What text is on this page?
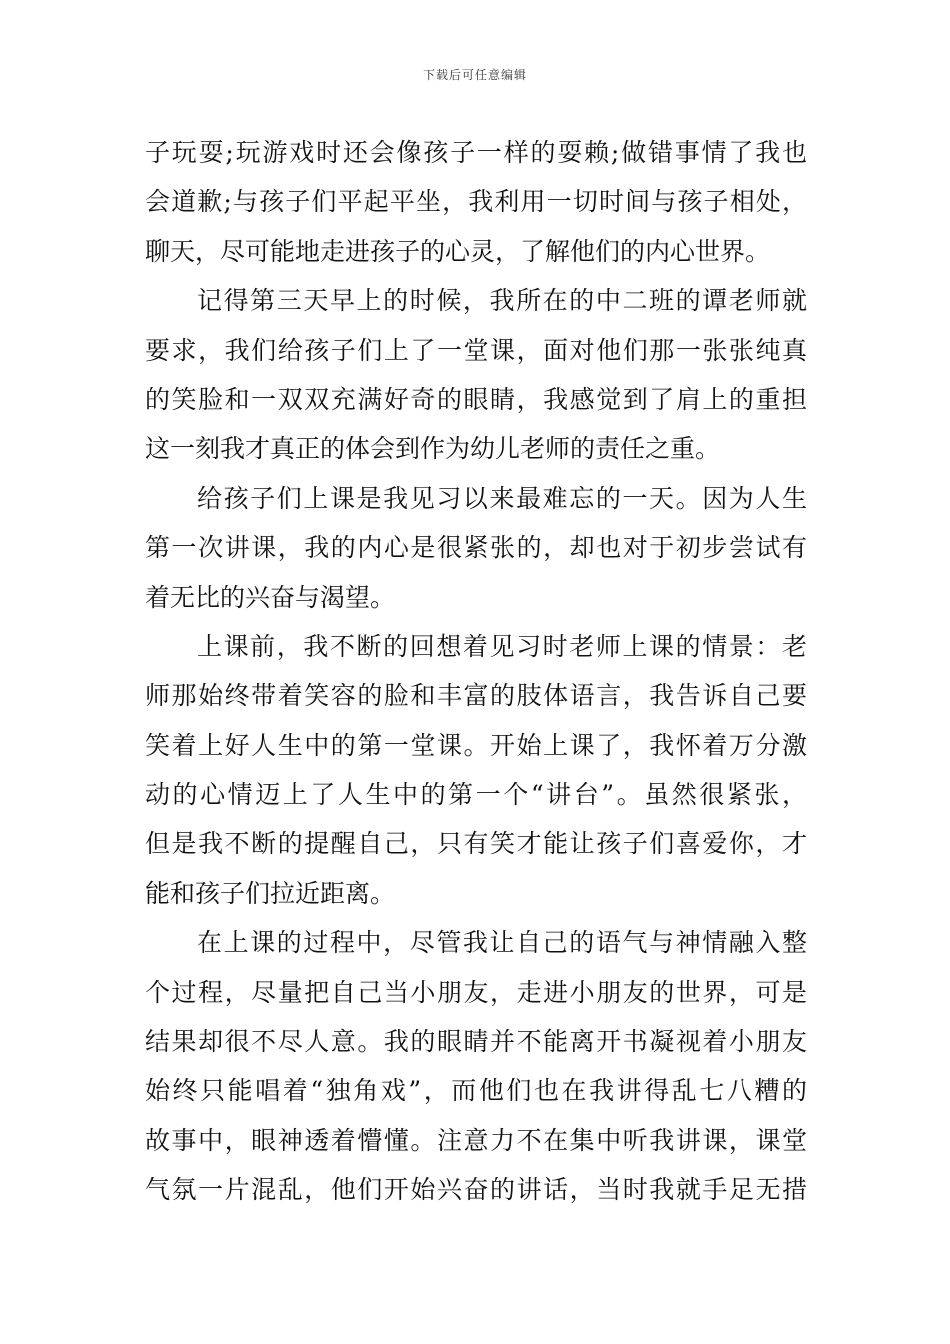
下载后可任意编辑
子玩耍;玩游戏时还会像孩子一样的耍赖;做错事情了我也
会道歉;与孩子们平起平坐，我利用一切时间与孩子相处，
聊天，尽可能地走进孩子的心灵，了解他们的内心世界。
记得第三天早上的时候，我所在的中二班的谭老师就
要求，我们给孩子们上了一堂课，面对他们那一张张纯真
的笑脸和一双双充满好奇的眼睛，我感觉到了肩上的重担
这一刻我才真正的体会到作为幼儿老师的责任之重。
给孩子们上课是我见习以来最难忘的一天。因为人生
第一次讲课，我的内心是很紧张的，却也对于初步尝试有
着无比的兴奋与渴望。
上课前，我不断的回想着见习时老师上课的情景：老
师那始终带着笑容的脸和丰富的肢体语言，我告诉自己要
笑着上好人生中的第一堂课。开始上课了，我怀着万分激
动的心情迈上了人生中的第一个“讲台”。虽然很紧张，
但是我不断的提醒自己，只有笑才能让孩子们喜爱你，才
能和孩子们拉近距离。
在上课的过程中，尽管我让自己的语气与神情融入整
个过程，尽量把自己当小朋友，走进小朋友的世界，可是
结果却很不尽人意。我的眼睛并不能离开书凝视着小朋友
始终只能唱着“独角戏”，而他们也在我讲得乱七八糟的
故事中，眼神透着懵懂。注意力不在集中听我讲课，课堂
气氛一片混乱，他们开始兴奋的讲话，当时我就手足无措
